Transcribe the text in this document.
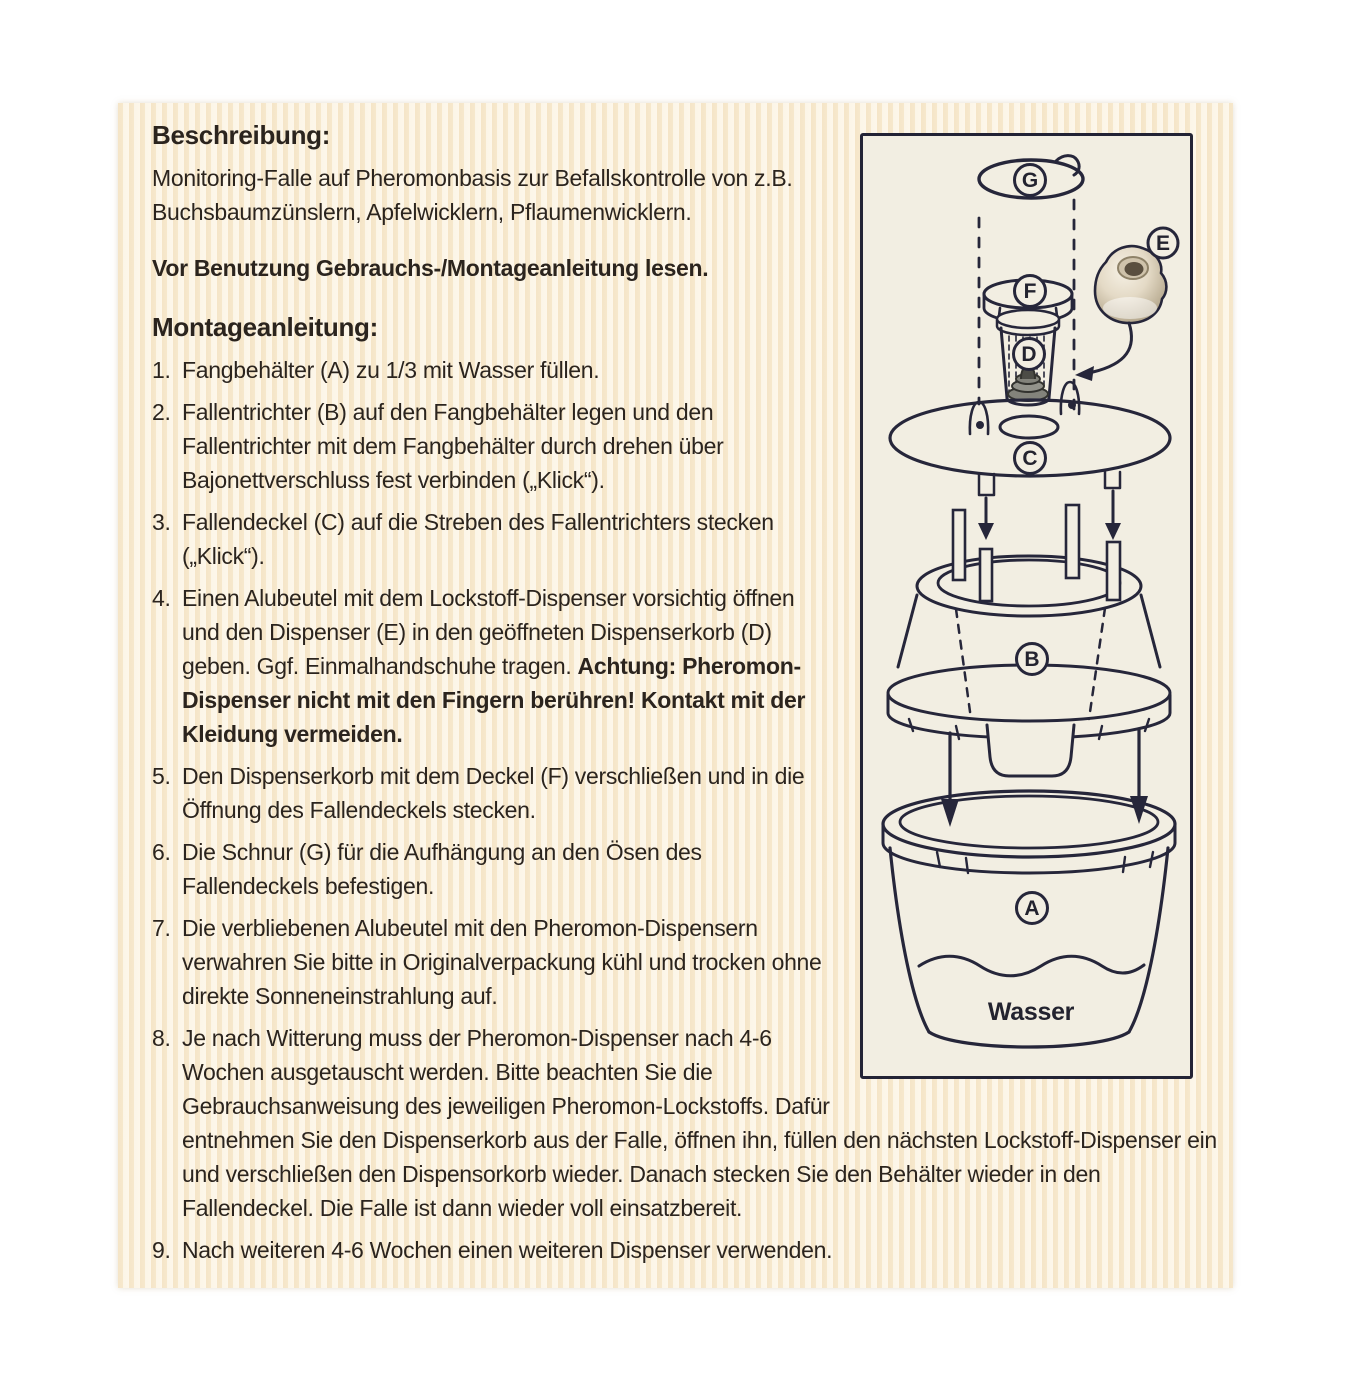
G
F
D
E
C
B
A
Wasser
Beschreibung:

Monitoring-Falle auf Pheromonbasis zur Befallskontrolle von z.B. Buchsbaumzünslern, Apfelwicklern, Pflaumenwicklern.

Vor Benutzung Gebrauchs-/Montageanleitung lesen.

Montageanleitung:
1. Fangbehälter (A) zu 1/3 mit Wasser füllen.
2. Fallentrichter (B) auf den Fangbehälter legen und den Fallentrichter mit dem Fangbehälter durch drehen über Bajonettverschluss fest verbinden („Klick“).
3. Fallendeckel (C) auf die Streben des Fallentrichters stecken („Klick“).
4. Einen Alubeutel mit dem Lockstoff-Dispenser vorsichtig öffnen und den Dispenser (E) in den geöffneten Dispenserkorb (D) geben. Ggf. Einmalhandschuhe tragen. Achtung: Pheromon-Dispenser nicht mit den Fingern berühren! Kontakt mit der Kleidung vermeiden.
5. Den Dispenserkorb mit dem Deckel (F) verschließen und in die Öffnung des Fallendeckels stecken.
6. Die Schnur (G) für die Aufhängung an den Ösen des Fallendeckels befestigen.
7. Die verbliebenen Alubeutel mit den Pheromon-Dispensern verwahren Sie bitte in Originalverpackung kühl und trocken ohne direkte Sonneneinstrahlung auf.
8. Je nach Witterung muss der Pheromon-Dispenser nach 4-6 Wochen ausgetauscht werden. Bitte beachten Sie die Gebrauchsanweisung des jeweiligen Pheromon-Lockstoffs. Dafür entnehmen Sie den Dispenserkorb aus der Falle, öffnen ihn, füllen den nächsten Lockstoff-Dispenser ein und verschließen den Dispensorkorb wieder. Danach stecken Sie den Behälter wieder in den Fallendeckel. Die Falle ist dann wieder voll einsatzbereit.
9. Nach weiteren 4-6 Wochen einen weiteren Dispenser verwenden.
